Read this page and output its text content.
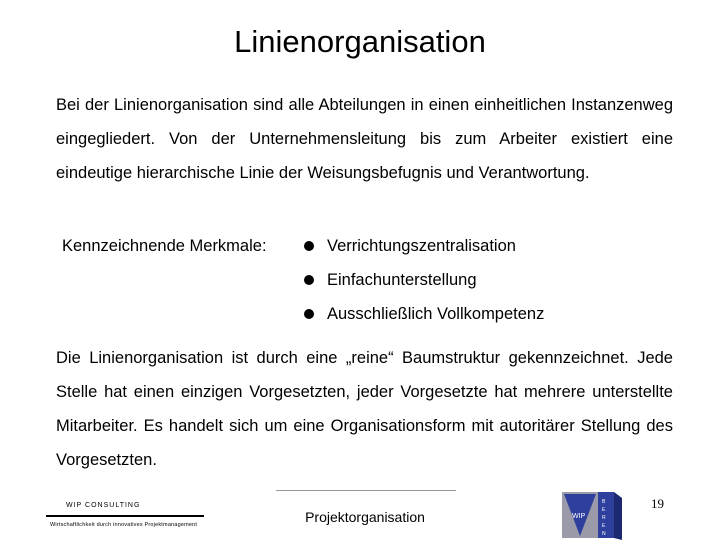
Linienorganisation
Bei der Linienorganisation sind alle Abteilungen in einen einheitlichen Instanzenweg eingegliedert. Von der Unternehmensleitung bis zum Arbeiter existiert eine eindeutige hierarchische Linie der Weisungsbefugnis und Verantwortung.
Kennzeichnende Merkmale:	Verrichtungszentralisation
Einfachunterstellung
Ausschließlich Vollkompetenz
Die Linienorganisation ist durch eine „reine“ Baumstruktur gekennzeichnet. Jede Stelle hat einen einzigen Vorgesetzten, jeder Vorgesetzte hat mehrere unterstellte Mitarbeiter. Es handelt sich um eine Organisationsform mit autoritärer Stellung des Vorgesetzten.
WIP CONSULTING
Wirtschaftlichkeit durch innovatives Projektmanagement	Projektorganisation	WIP
B
E
R
E
N
19
